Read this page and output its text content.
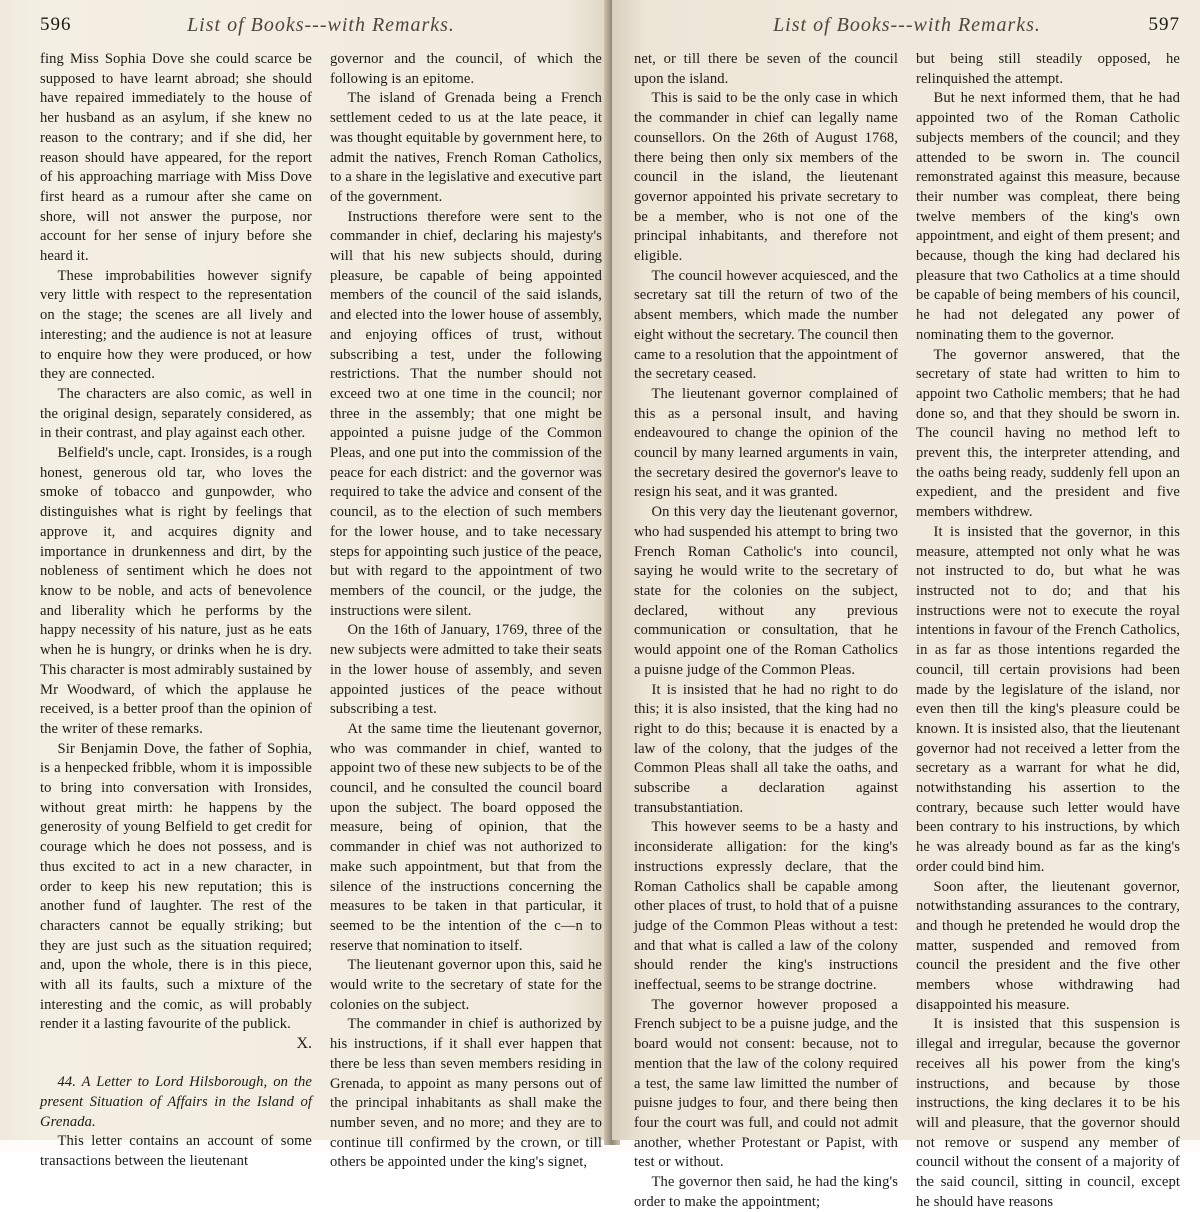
596	List of Books---with Remarks.

fing Miss Sophia Dove she could scarce be supposed to have learnt abroad; she should have repaired immediately to the house of her husband as an asylum, if she knew no reason to the contrary; and if she did, her reason should have appeared, for the report of his approaching marriage with Miss Dove first heard as a rumour after she came on shore, will not answer the purpose, nor account for her sense of injury before she heard it.

These improbabilities however signify very little with respect to the representation on the stage; the scenes are all lively and interesting; and the audience is not at leasure to enquire how they were produced, or how they are connected.

The characters are also comic, as well in the original design, separately considered, as in their contrast, and play against each other.

Belfield's uncle, capt. Ironsides, is a rough honest, generous old tar, who loves the smoke of tobacco and gunpowder, who distinguishes what is right by feelings that approve it, and acquires dignity and importance in drunkenness and dirt, by the nobleness of sentiment which he does not know to be noble, and acts of benevolence and liberality which he performs by the happy necessity of his nature, just as he eats when he is hungry, or drinks when he is dry. This character is most admirably sustained by Mr Woodward, of which the applause he received, is a better proof than the opinion of the writer of these remarks.

Sir Benjamin Dove, the father of Sophia, is a henpecked fribble, whom it is impossible to bring into conversation with Ironsides, without great mirth: he happens by the generosity of young Belfield to get credit for courage which he does not possess, and is thus excited to act in a new character, in order to keep his new reputation; this is another fund of laughter. The rest of the characters cannot be equally striking; but they are just such as the situation required; and, upon the whole, there is in this piece, with all its faults, such a mixture of the interesting and the comic, as will probably render it a lasting favourite of the publick.

X.

44. A Letter to Lord Hilsborough, on the present Situation of Affairs in the Island of Grenada.

This letter contains an account of some transactions between the lieutenant

governor and the council, of which the following is an epitome.

The island of Grenada being a French settlement ceded to us at the late peace, it was thought equitable by government here, to admit the natives, French Roman Catholics, to a share in the legislative and executive part of the government.

Instructions therefore were sent to the commander in chief, declaring his majesty's will that his new subjects should, during pleasure, be capable of being appointed members of the council of the said islands, and elected into the lower house of assembly, and enjoying offices of trust, without subscribing a test, under the following restrictions. That the number should not exceed two at one time in the council; nor three in the assembly; that one might be appointed a puisne judge of the Common Pleas, and one put into the commission of the peace for each district: and the governor was required to take the advice and consent of the council, as to the election of such members for the lower house, and to take necessary steps for appointing such justice of the peace, but with regard to the appointment of two members of the council, or the judge, the instructions were silent.

On the 16th of January, 1769, three of the new subjects were admitted to take their seats in the lower house of assembly, and seven appointed justices of the peace without subscribing a test.

At the same time the lieutenant governor, who was commander in chief, wanted to appoint two of these new subjects to be of the council, and he consulted the council board upon the subject. The board opposed the measure, being of opinion, that the commander in chief was not authorized to make such appointment, but that from the silence of the instructions concerning the measures to be taken in that particular, it seemed to be the intention of the c—n to reserve that nomination to itself.

The lieutenant governor upon this, said he would write to the secretary of state for the colonies on the subject.

The commander in chief is authorized by his instructions, if it shall ever happen that there be less than seven members residing in Grenada, to appoint as many persons out of the principal inhabitants as shall make the number seven, and no more; and they are to continue till confirmed by the crown, or till others be appointed under the king's signet,

List of Books---with Remarks.	597

net, or till there be seven of the council upon the island.

This is said to be the only case in which the commander in chief can legally name counsellors. On the 26th of August 1768, there being then only six members of the council in the island, the lieutenant governor appointed his private secretary to be a member, who is not one of the principal inhabitants, and therefore not eligible.

The council however acquiesced, and the secretary sat till the return of two of the absent members, which made the number eight without the secretary. The council then came to a resolution that the appointment of the secretary ceased.

The lieutenant governor complained of this as a personal insult, and having endeavoured to change the opinion of the council by many learned arguments in vain, the secretary desired the governor's leave to resign his seat, and it was granted.

On this very day the lieutenant governor, who had suspended his attempt to bring two French Roman Catholic's into council, saying he would write to the secretary of state for the colonies on the subject, declared, without any previous communication or consultation, that he would appoint one of the Roman Catholics a puisne judge of the Common Pleas.

It is insisted that he had no right to do this; it is also insisted, that the king had no right to do this; because it is enacted by a law of the colony, that the judges of the Common Pleas shall all take the oaths, and subscribe a declaration against transubstantiation.

This however seems to be a hasty and inconsiderate alligation: for the king's instructions expressly declare, that the Roman Catholics shall be capable among other places of trust, to hold that of a puisne judge of the Common Pleas without a test: and that what is called a law of the colony should render the king's instructions ineffectual, seems to be strange doctrine.

The governor however proposed a French subject to be a puisne judge, and the board would not consent: because, not to mention that the law of the colony required a test, the same law limitted the number of puisne judges to four, and there being then four the court was full, and could not admit another, whether Protestant or Papist, with test or without.

The governor then said, he had the king's order to make the appointment;

but being still steadily opposed, he relinquished the attempt.

But he next informed them, that he had appointed two of the Roman Catholic subjects members of the council; and they attended to be sworn in. The council remonstrated against this measure, because their number was compleat, there being twelve members of the king's own appointment, and eight of them present; and because, though the king had declared his pleasure that two Catholics at a time should be capable of being members of his council, he had not delegated any power of nominating them to the governor.

The governor answered, that the secretary of state had written to him to appoint two Catholic members; that he had done so, and that they should be sworn in. The council having no method left to prevent this, the interpreter attending, and the oaths being ready, suddenly fell upon an expedient, and the president and five members withdrew.

It is insisted that the governor, in this measure, attempted not only what he was not instructed to do, but what he was instructed not to do; and that his instructions were not to execute the royal intentions in favour of the French Catholics, in as far as those intentions regarded the council, till certain provisions had been made by the legislature of the island, nor even then till the king's pleasure could be known. It is insisted also, that the lieutenant governor had not received a letter from the secretary as a warrant for what he did, notwithstanding his assertion to the contrary, because such letter would have been contrary to his instructions, by which he was already bound as far as the king's order could bind him.

Soon after, the lieutenant governor, notwithstanding assurances to the contrary, and though he pretended he would drop the matter, suspended and removed from council the president and the five other members whose withdrawing had disappointed his measure.

It is insisted that this suspension is illegal and irregular, because the governor receives all his power from the king's instructions, and because by those instructions, the king declares it to be his will and pleasure, that the governor should not remove or suspend any member of council without the consent of a majority of the said council, sitting in council, except he should have reasons
